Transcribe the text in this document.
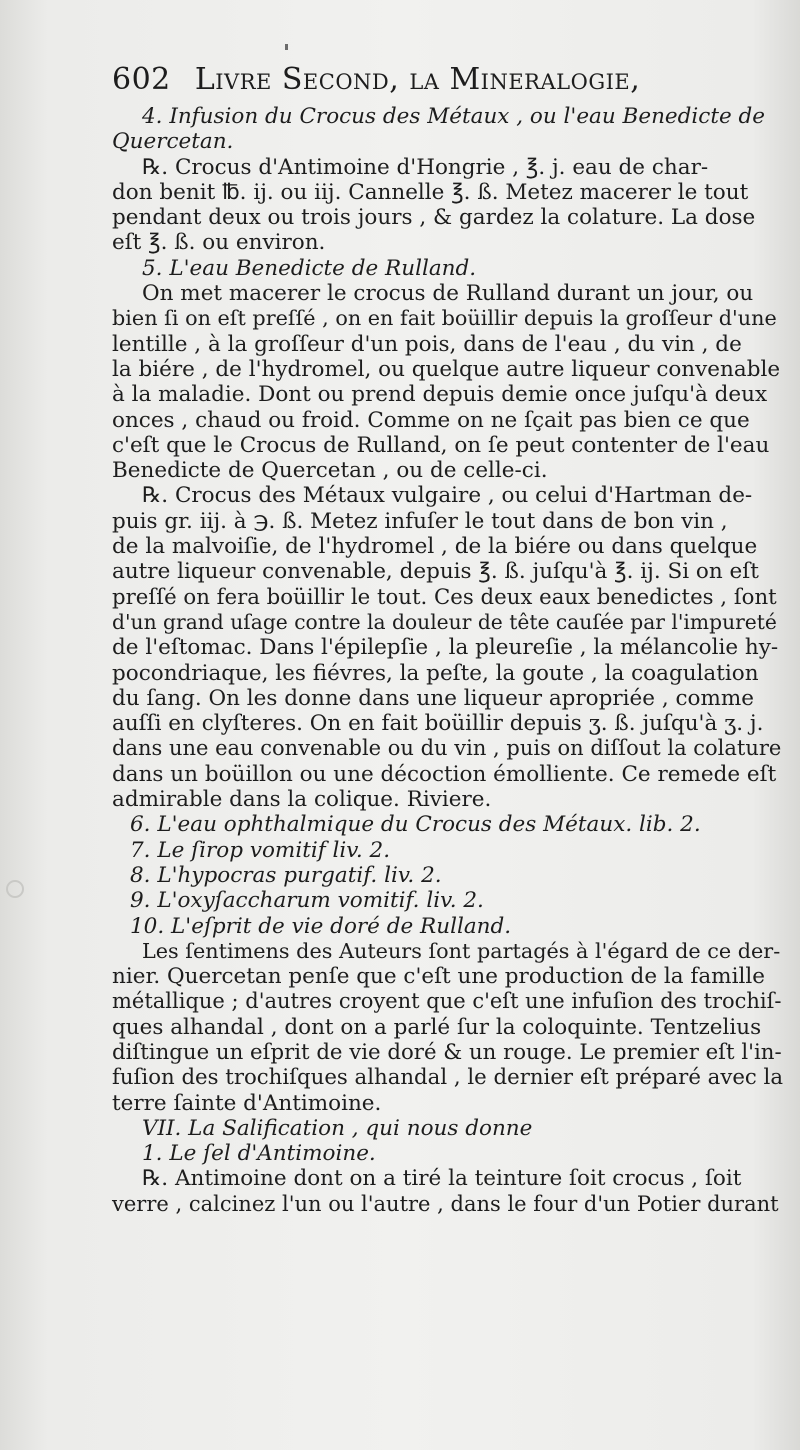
602 Livre Second, la Mineralogie,
4. Infusion du Crocus des Métaux , ou l'eau Benedicte de
Quercetan.
℞. Crocus d'Antimoine d'Hongrie , ℥. j. eau de char-
don benit ℔. ij. ou iij. Cannelle ℥. ß. Metez macerer le tout
pendant deux ou trois jours , & gardez la colature. La dose
eſt ℥. ß. ou environ.
5. L'eau Benedicte de Rulland.
On met macerer le crocus de Rulland durant un jour, ou
bien ſi on eſt preſſé , on en fait boüillir depuis la groſſeur d'une
lentille , à la groſſeur d'un pois, dans de l'eau , du vin , de
la biére , de l'hydromel, ou quelque autre liqueur convenable
à la maladie. Dont ou prend depuis demie once juſqu'à deux
onces , chaud ou froid. Comme on ne ſçait pas bien ce que
c'eſt que le Crocus de Rulland, on ſe peut contenter de l'eau
Benedicte de Quercetan , ou de celle-ci.
℞. Crocus des Métaux vulgaire , ou celui d'Hartman de-
puis gr. iij. à ℈. ß. Metez infuſer le tout dans de bon vin ,
de la malvoiſie, de l'hydromel , de la biére ou dans quelque
autre liqueur convenable, depuis ℥. ß. juſqu'à ℥. ij. Si on eſt
preſſé on fera boüillir le tout. Ces deux eaux benedictes , ſont
d'un grand uſage contre la douleur de tête cauſée par l'impureté
de l'eſtomac. Dans l'épilepſie , la pleureſie , la mélancolie hy-
pocondriaque, les fiévres, la peſte, la goute , la coagulation
du ſang. On les donne dans une liqueur apropriée , comme
auſſi en clyſteres. On en fait boüillir depuis ʒ. ß. juſqu'à ʒ. j.
dans une eau convenable ou du vin , puis on diſſout la colature
dans un boüillon ou une décoction émolliente. Ce remede eſt
admirable dans la colique. Riviere.
6. L'eau ophthalmique du Crocus des Métaux. lib. 2.
7. Le ſirop vomitif liv. 2.
8. L'hypocras purgatif. liv. 2.
9. L'oxyſaccharum vomitif. liv. 2.
10. L'eſprit de vie doré de Rulland.
Les ſentimens des Auteurs ſont partagés à l'égard de ce der-
nier. Quercetan penſe que c'eſt une production de la famille
métallique ; d'autres croyent que c'eſt une infuſion des trochiſ-
ques alhandal , dont on a parlé ſur la coloquinte. Tentzelius
diſtingue un eſprit de vie doré & un rouge. Le premier eſt l'in-
fuſion des trochiſques alhandal , le dernier eſt préparé avec la
terre ſainte d'Antimoine.
VII. La Salification , qui nous donne
1. Le ſel d'Antimoine.
℞. Antimoine dont on a tiré la teinture ſoit crocus , ſoit
verre , calcinez l'un ou l'autre , dans le four d'un Potier durant
